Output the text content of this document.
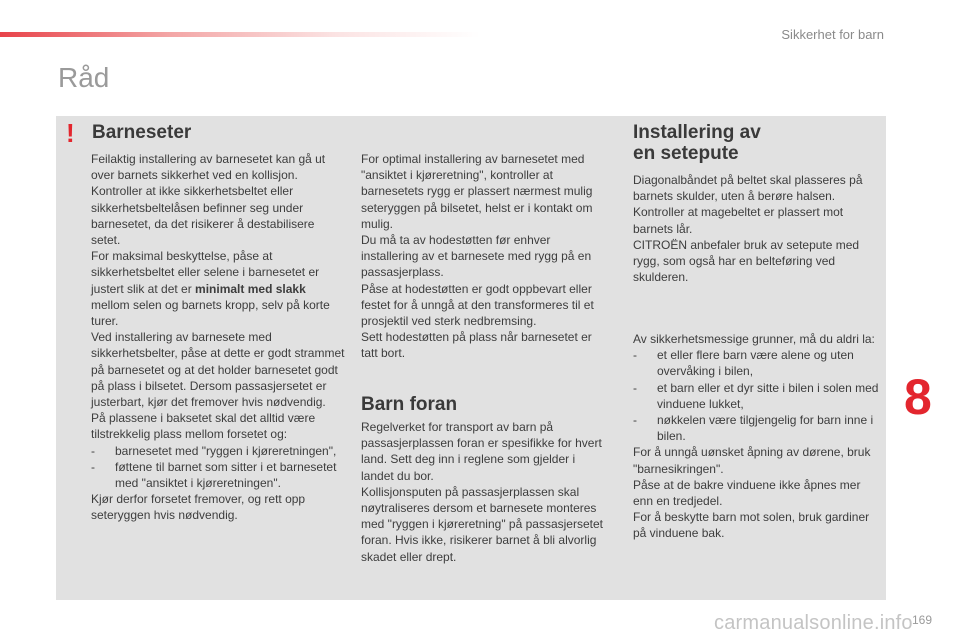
Sikkerhet for barn
Råd
! Barneseter

Feilaktig installering av barnesetet kan gå ut over barnets sikkerhet ved en kollisjon.

Kontroller at ikke sikkerhetsbeltet eller sikkerhetsbeltelåsen befinner seg under barnesetet, da det risikerer å destabilisere setet.

For maksimal beskyttelse, påse at sikkerhetsbeltet eller selene i barnesetet er justert slik at det er minimalt med slakk mellom selen og barnets kropp, selv på korte turer.

Ved installering av barnesete med sikkerhetsbelter, påse at dette er godt strammet på barnesetet og at det holder barnesetet godt på plass i bilsetet. Dersom passasjersetet er justerbart, kjør det fremover hvis nødvendig.

På plassene i baksetet skal det alltid være tilstrekkelig plass mellom forsetet og:

- barnesetet med "ryggen i kjøreretningen",
- føttene til barnet som sitter i et barnesetet med "ansiktet i kjøreretningen".

Kjør derfor forsetet fremover, og rett opp seteryggen hvis nødvendig.

For optimal installering av barnesetet med "ansiktet i kjøreretning", kontroller at barnesetets rygg er plassert nærmest mulig seteryggen på bilsetet, helst er i kontakt om mulig.

Du må ta av hodestøtten før enhver installering av et barnesete med rygg på en passasjerplass.

Påse at hodestøtten er godt oppbevart eller festet for å unngå at den transformeres til et prosjektil ved sterk nedbremsing.

Sett hodestøtten på plass når barnesetet er tatt bort.

Barn foran

Regelverket for transport av barn på passasjerplassen foran er spesifikke for hvert land. Sett deg inn i reglene som gjelder i landet du bor.

Kollisjonsputen på passasjerplassen skal nøytraliseres dersom et barnesete monteres med "ryggen i kjøreretning" på passasjersetet foran. Hvis ikke, risikerer barnet å bli alvorlig skadet eller drept.

Installering av
en setepute

Diagonalbåndet på beltet skal plasseres på barnets skulder, uten å berøre halsen.

Kontroller at magebeltet er plassert mot barnets lår.

CITROËN anbefaler bruk av setepute med rygg, som også har en belteføring ved skulderen.

Av sikkerhetsmessige grunner, må du aldri la:

- et eller flere barn være alene og uten overvåking i bilen,
- et barn eller et dyr sitte i bilen i solen med vinduene lukket,
- nøkkelen være tilgjengelig for barn inne i bilen.

For å unngå uønsket åpning av dørene, bruk "barnesikringen".

Påse at de bakre vinduene ikke åpnes mer enn en tredjedel.

For å beskytte barn mot solen, bruk gardiner på vinduene bak.

8
169
carmanualsonline.info
